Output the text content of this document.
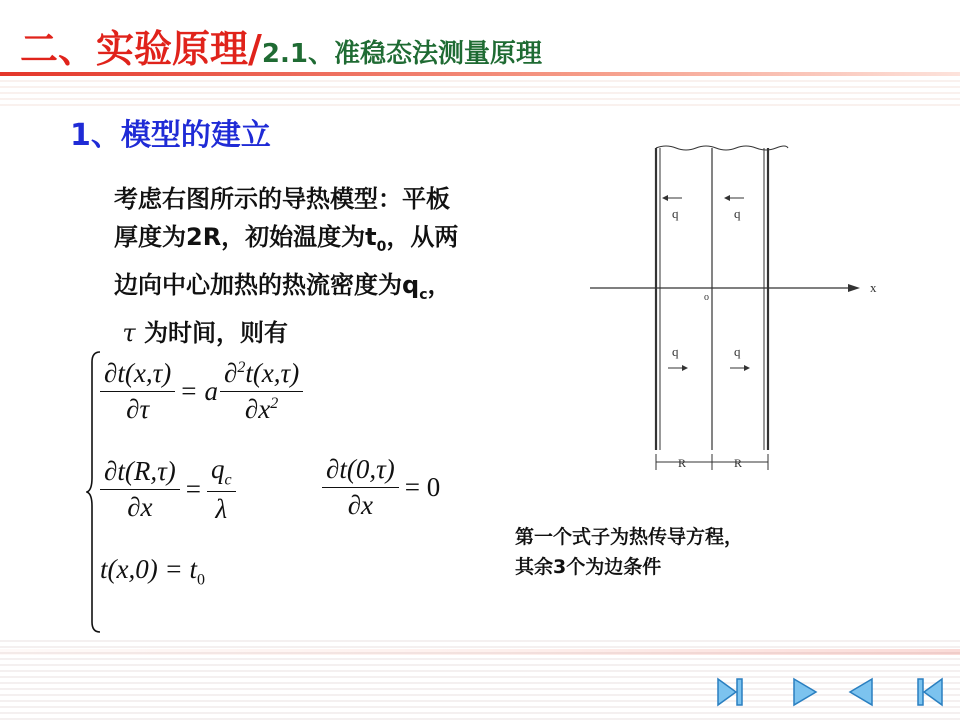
二、实验原理/2.1、准稳态法测量原理
1、模型的建立
考虑右图所示的导热模型：平板
厚度为2R，初始温度为$t_0$，从两
边向中心加热的热流密度为$q_c$，
τ 为时间，则有
$\frac{\partial t(x,\tau)}{\partial\tau} = a \frac{\partial^2t(x,\tau)}{\partial x^2}$
$\frac{\partial t(R,\tau)}{\partial x} = \frac{q_c}{\lambda}$	$\frac{\partial t(0,\tau)}{\partial x} = 0$
$t(x,0) = t_0$
第一个式子为热传导方程，
其余3个为边条件
q	q
q	q
o
x
R	R
